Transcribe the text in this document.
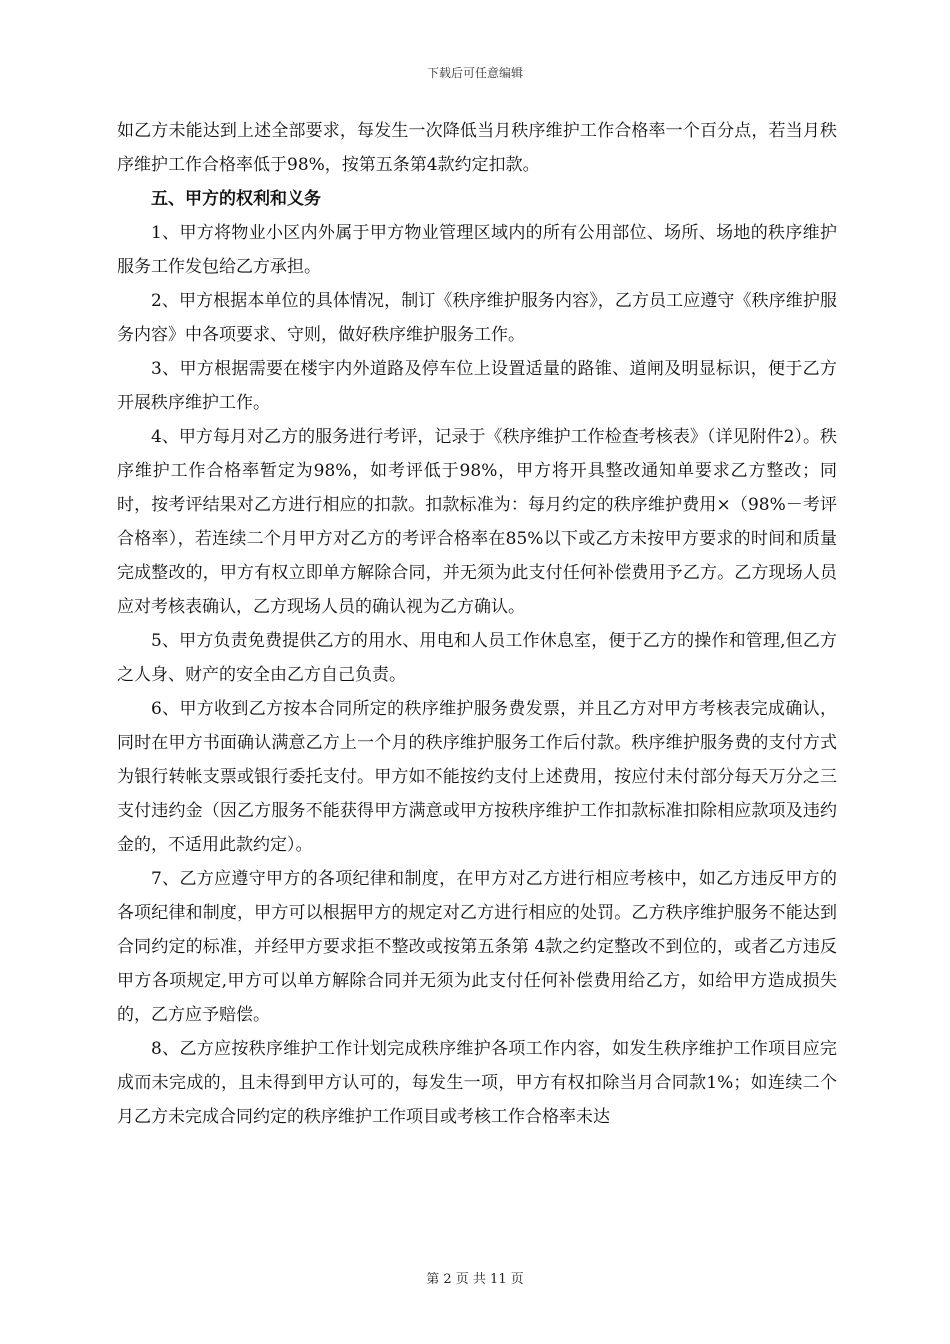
下载后可任意编辑

如乙方未能达到上述全部要求，每发生一次降低当月秩序维护工作合格率一个百分点，若当月秩序维护工作合格率低于98%，按第五条第4款约定扣款。

五、甲方的权利和义务

1、甲方将物业小区内外属于甲方物业管理区域内的所有公用部位、场所、场地的秩序维护服务工作发包给乙方承担。

2、甲方根据本单位的具体情况，制订《秩序维护服务内容》，乙方员工应遵守《秩序维护服务内容》中各项要求、守则，做好秩序维护服务工作。

3、甲方根据需要在楼宇内外道路及停车位上设置适量的路锥、道闸及明显标识，便于乙方开展秩序维护工作。

4、甲方每月对乙方的服务进行考评，记录于《秩序维护工作检查考核表》（详见附件2）。秩序维护工作合格率暂定为98%，如考评低于98%，甲方将开具整改通知单要求乙方整改；同时，按考评结果对乙方进行相应的扣款。扣款标准为：每月约定的秩序维护费用×（98%－考评合格率），若连续二个月甲方对乙方的考评合格率在85%以下或乙方未按甲方要求的时间和质量完成整改的，甲方有权立即单方解除合同，并无须为此支付任何补偿费用予乙方。乙方现场人员应对考核表确认，乙方现场人员的确认视为乙方确认。

5、甲方负责免费提供乙方的用水、用电和人员工作休息室，便于乙方的操作和管理,但乙方之人身、财产的安全由乙方自己负责。

6、甲方收到乙方按本合同所定的秩序维护服务费发票，并且乙方对甲方考核表完成确认，同时在甲方书面确认满意乙方上一个月的秩序维护服务工作后付款。秩序维护服务费的支付方式为银行转帐支票或银行委托支付。甲方如不能按约支付上述费用，按应付未付部分每天万分之三支付违约金（因乙方服务不能获得甲方满意或甲方按秩序维护工作扣款标准扣除相应款项及违约金的，不适用此款约定）。

7、乙方应遵守甲方的各项纪律和制度，在甲方对乙方进行相应考核中，如乙方违反甲方的各项纪律和制度，甲方可以根据甲方的规定对乙方进行相应的处罚。乙方秩序维护服务不能达到合同约定的标准，并经甲方要求拒不整改或按第五条第 4款之约定整改不到位的，或者乙方违反甲方各项规定,甲方可以单方解除合同并无须为此支付任何补偿费用给乙方，如给甲方造成损失的，乙方应予赔偿。

8、乙方应按秩序维护工作计划完成秩序维护各项工作内容，如发生秩序维护工作项目应完成而未完成的，且未得到甲方认可的，每发生一项，甲方有权扣除当月合同款1%；如连续二个月乙方未完成合同约定的秩序维护工作项目或考核工作合格率未达

第 2 页 共 11 页
